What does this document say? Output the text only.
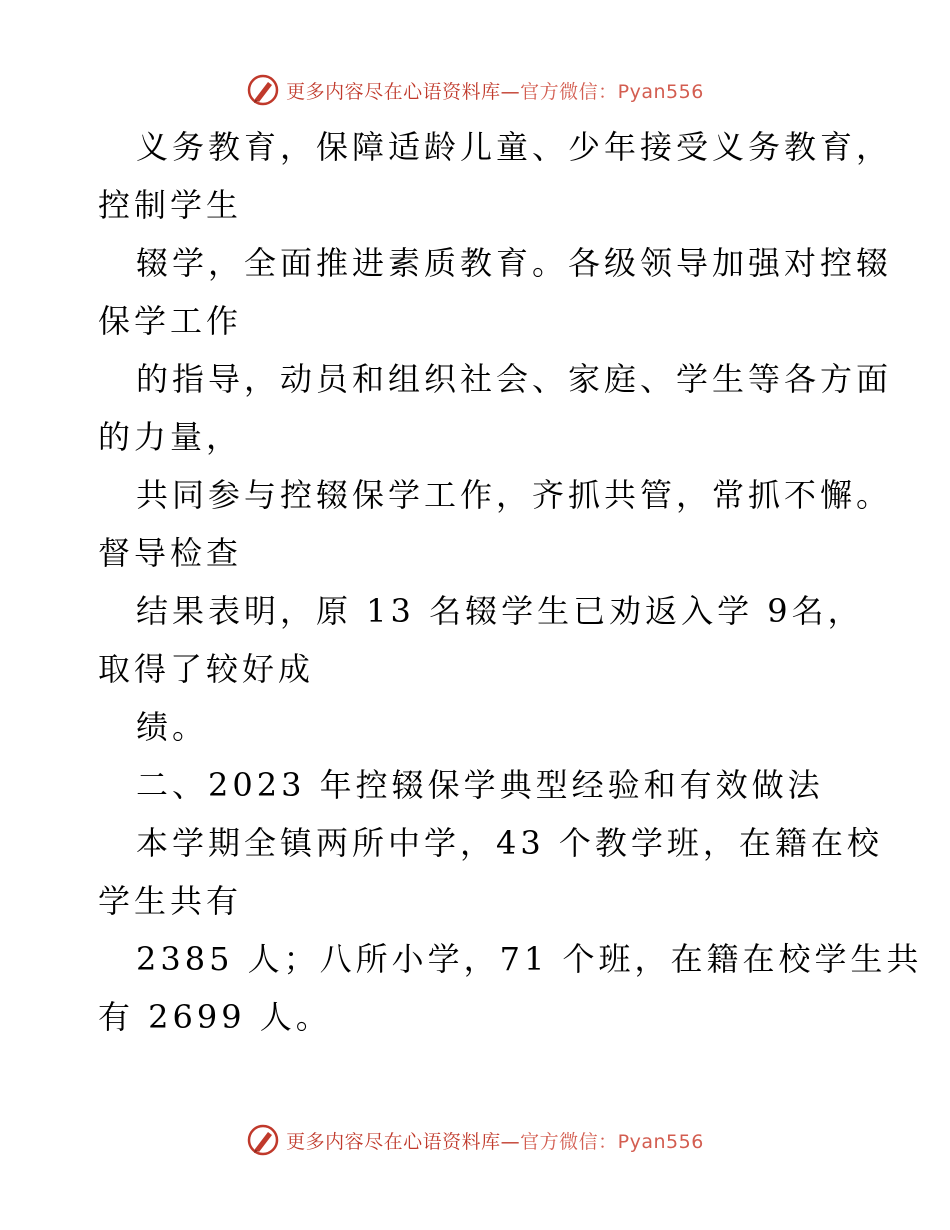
更多内容尽在心语资料库—官方微信：Pyan556
义务教育，保障适龄儿童、少年接受义务教育，
控制学生
辍学，全面推进素质教育。各级领导加强对控辍
保学工作
的指导，动员和组织社会、家庭、学生等各方面
的力量，
共同参与控辍保学工作，齐抓共管，常抓不懈。
督导检查
结果表明，原 13 名辍学生已劝返入学 9名，
取得了较好成
绩。
二、2023 年控辍保学典型经验和有效做法
本学期全镇两所中学，43 个教学班，在籍在校
学生共有
2385 人；八所小学，71 个班，在籍在校学生共
有 2699 人。
更多内容尽在心语资料库—官方微信：Pyan556
